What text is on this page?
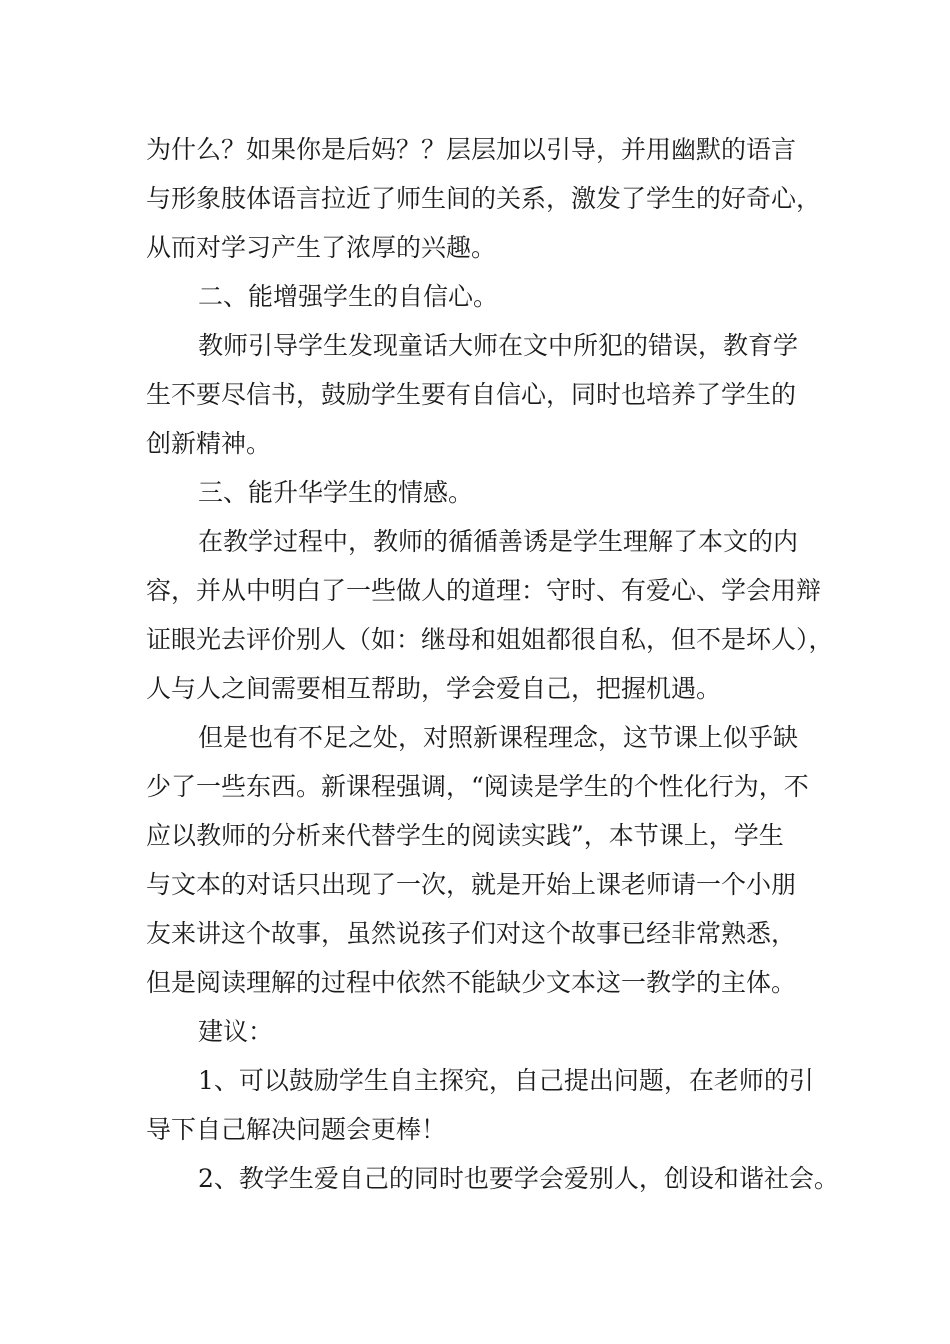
为什么？如果你是后妈？？层层加以引导，并用幽默的语言
与形象肢体语言拉近了师生间的关系，激发了学生的好奇心，
从而对学习产生了浓厚的兴趣。
二、能增强学生的自信心。
教师引导学生发现童话大师在文中所犯的错误，教育学
生不要尽信书，鼓励学生要有自信心，同时也培养了学生的
创新精神。
三、能升华学生的情感。
在教学过程中，教师的循循善诱是学生理解了本文的内
容，并从中明白了一些做人的道理：守时、有爱心、学会用辩
证眼光去评价别人（如：继母和姐姐都很自私，但不是坏人），
人与人之间需要相互帮助，学会爱自己，把握机遇。
但是也有不足之处，对照新课程理念，这节课上似乎缺
少了一些东西。新课程强调，“阅读是学生的个性化行为，不
应以教师的分析来代替学生的阅读实践”，本节课上，学生
与文本的对话只出现了一次，就是开始上课老师请一个小朋
友来讲这个故事，虽然说孩子们对这个故事已经非常熟悉，
但是阅读理解的过程中依然不能缺少文本这一教学的主体。
建议：
1、可以鼓励学生自主探究，自己提出问题，在老师的引
导下自己解决问题会更棒！
2、教学生爱自己的同时也要学会爱别人，创设和谐社会。
